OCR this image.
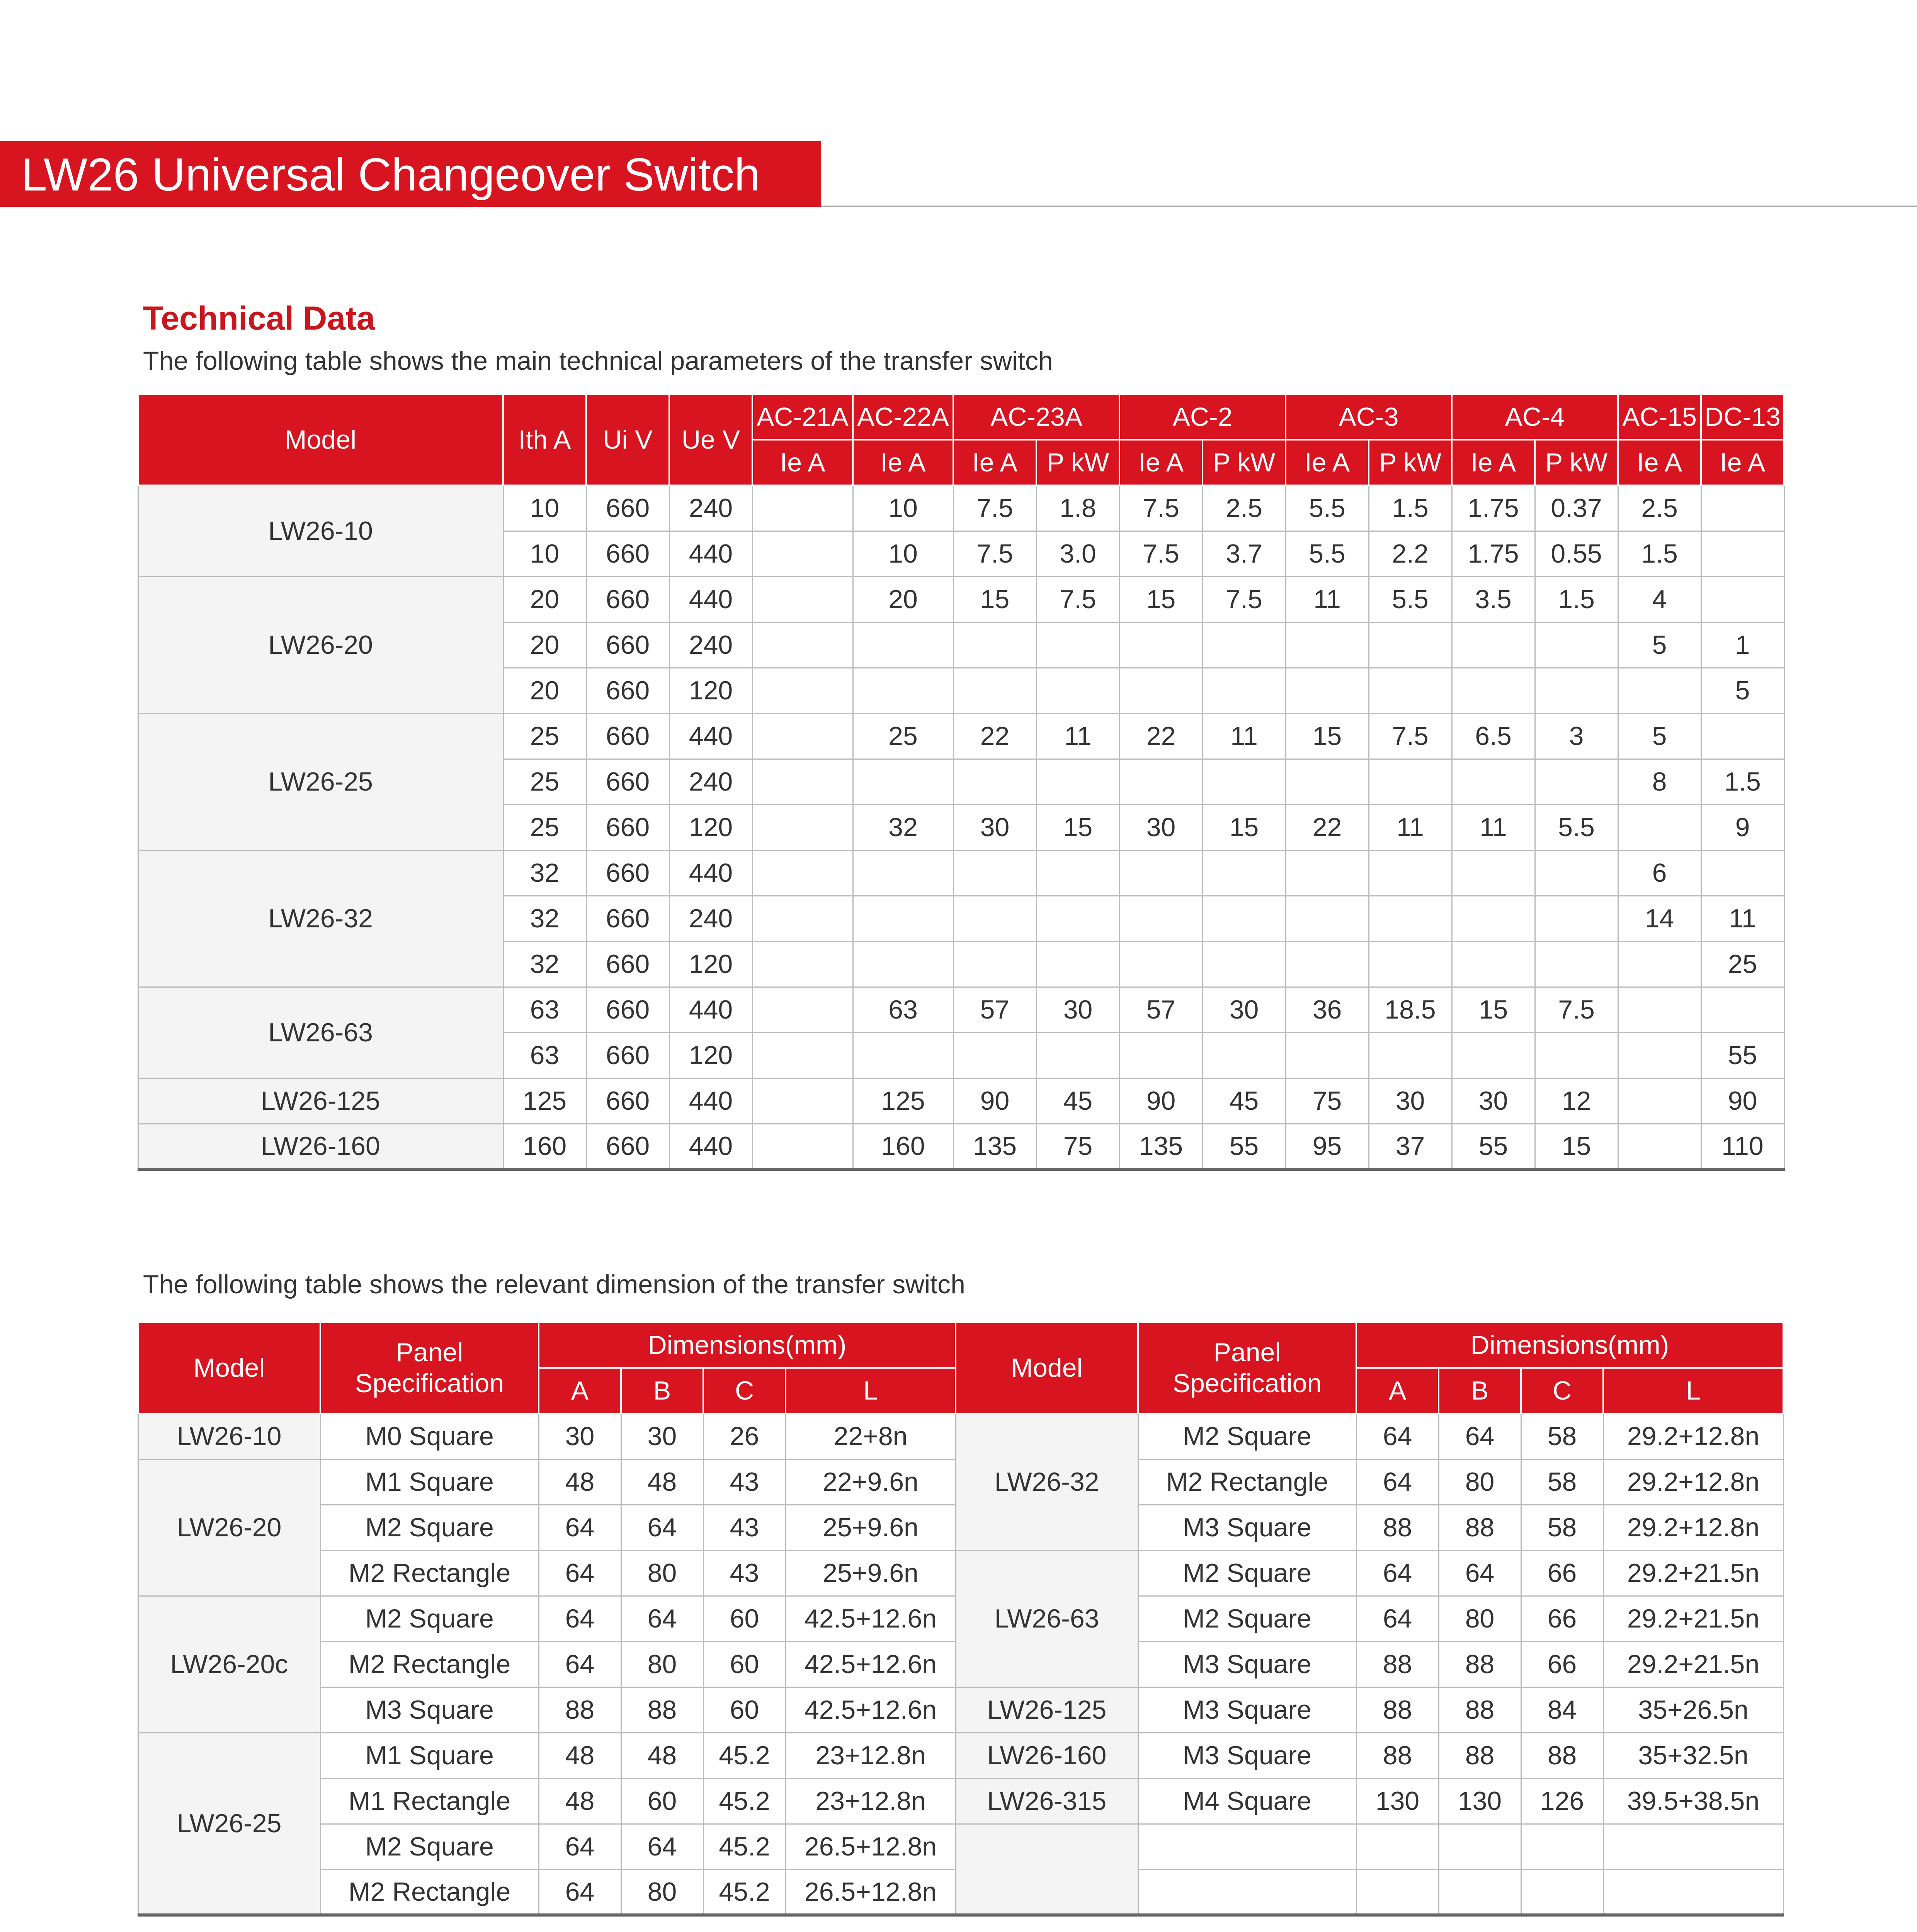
LW26 Universal Changeover Switch
Technical Data
The following table shows the main technical parameters of the transfer switch
Model	Ith A	Ui V	Ue V	AC-21A	AC-22A	AC-23A		AC-2		AC-3		AC-4		AC-15	DC-13
				Ie A	Ie A	Ie A	P kW	Ie A	P kW	Ie A	P kW	Ie A	P kW	Ie A	Ie A
LW26-10	10	660	240		10	7.5	1.8	7.5	2.5	5.5	1.5	1.75	0.37	2.5	
	10	660	440		10	7.5	3.0	7.5	3.7	5.5	2.2	1.75	0.55	1.5	
LW26-20	20	660	440		20	15	7.5	15	7.5	11	5.5	3.5	1.5	4	
	20	660	240											5	1
	20	660	120												5
LW26-25	25	660	440		25	22	11	22	11	15	7.5	6.5	3	5	
	25	660	240											8	1.5
	25	660	120		32	30	15	30	15	22	11	11	5.5		9
LW26-32	32	660	440											6	
	32	660	240											14	11
	32	660	120												25
LW26-63	63	660	440		63	57	30	57	30	36	18.5	15	7.5		
	63	660	120												55
LW26-125	125	660	440		125	90	45	90	45	75	30	30	12		90
LW26-160	160	660	440		160	135	75	135	55	95	37	55	15		110
The following table shows the relevant dimension of the transfer switch
Model	Panel Specification	Dimensions(mm)				Model	Panel Specification	Dimensions(mm)			
		A	B	C	L			A	B	C	L
LW26-10	M0 Square	30	30	26	22+8n	LW26-32	M2 Square	64	64	58	29.2+12.8n
LW26-20	M1 Square	48	48	43	22+9.6n		M2 Rectangle	64	80	58	29.2+12.8n
	M2 Square	64	64	43	25+9.6n		M3 Square	88	88	58	29.2+12.8n
	M2 Rectangle	64	80	43	25+9.6n	LW26-63	M2 Square	64	64	66	29.2+21.5n
LW26-20c	M2 Square	64	64	60	42.5+12.6n		M2 Square	64	80	66	29.2+21.5n
	M2 Rectangle	64	80	60	42.5+12.6n		M3 Square	88	88	66	29.2+21.5n
	M3 Square	88	88	60	42.5+12.6n	LW26-125	M3 Square	88	88	84	35+26.5n
LW26-25	M1 Square	48	48	45.2	23+12.8n	LW26-160	M3 Square	88	88	88	35+32.5n
	M1 Rectangle	48	60	45.2	23+12.8n	LW26-315	M4 Square	130	130	126	39.5+38.5n
	M2 Square	64	64	45.2	26.5+12.8n						
	M2 Rectangle	64	80	45.2	26.5+12.8n						
